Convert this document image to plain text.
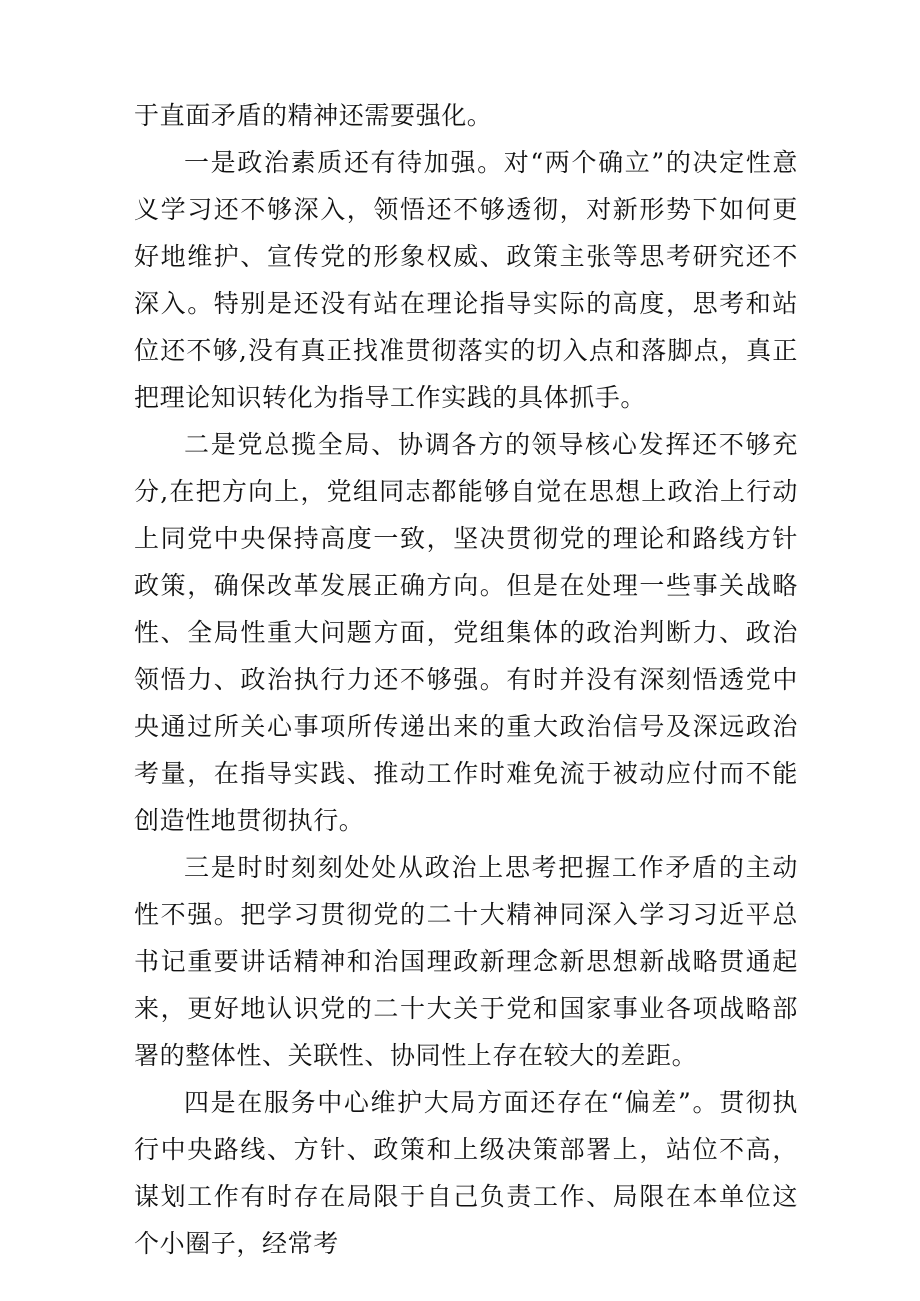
于直面矛盾的精神还需要强化。

一是政治素质还有待加强。对“两个确立”的决定性意义学习还不够深入，领悟还不够透彻，对新形势下如何更好地维护、宣传党的形象权威、政策主张等思考研究还不深入。特别是还没有站在理论指导实际的高度，思考和站位还不够,没有真正找准贯彻落实的切入点和落脚点，真正把理论知识转化为指导工作实践的具体抓手。

二是党总揽全局、协调各方的领导核心发挥还不够充分,在把方向上，党组同志都能够自觉在思想上政治上行动上同党中央保持高度一致，坚决贯彻党的理论和路线方针政策，确保改革发展正确方向。但是在处理一些事关战略性、全局性重大问题方面，党组集体的政治判断力、政治领悟力、政治执行力还不够强。有时并没有深刻悟透党中央通过所关心事项所传递出来的重大政治信号及深远政治考量，在指导实践、推动工作时难免流于被动应付而不能创造性地贯彻执行。

三是时时刻刻处处从政治上思考把握工作矛盾的主动性不强。把学习贯彻党的二十大精神同深入学习习近平总书记重要讲话精神和治国理政新理念新思想新战略贯通起来，更好地认识党的二十大关于党和国家事业各项战略部署的整体性、关联性、协同性上存在较大的差距。

四是在服务中心维护大局方面还存在“偏差”。贯彻执行中央路线、方针、政策和上级决策部署上，站位不高，谋划工作有时存在局限于自己负责工作、局限在本单位这个小圈子，经常考
